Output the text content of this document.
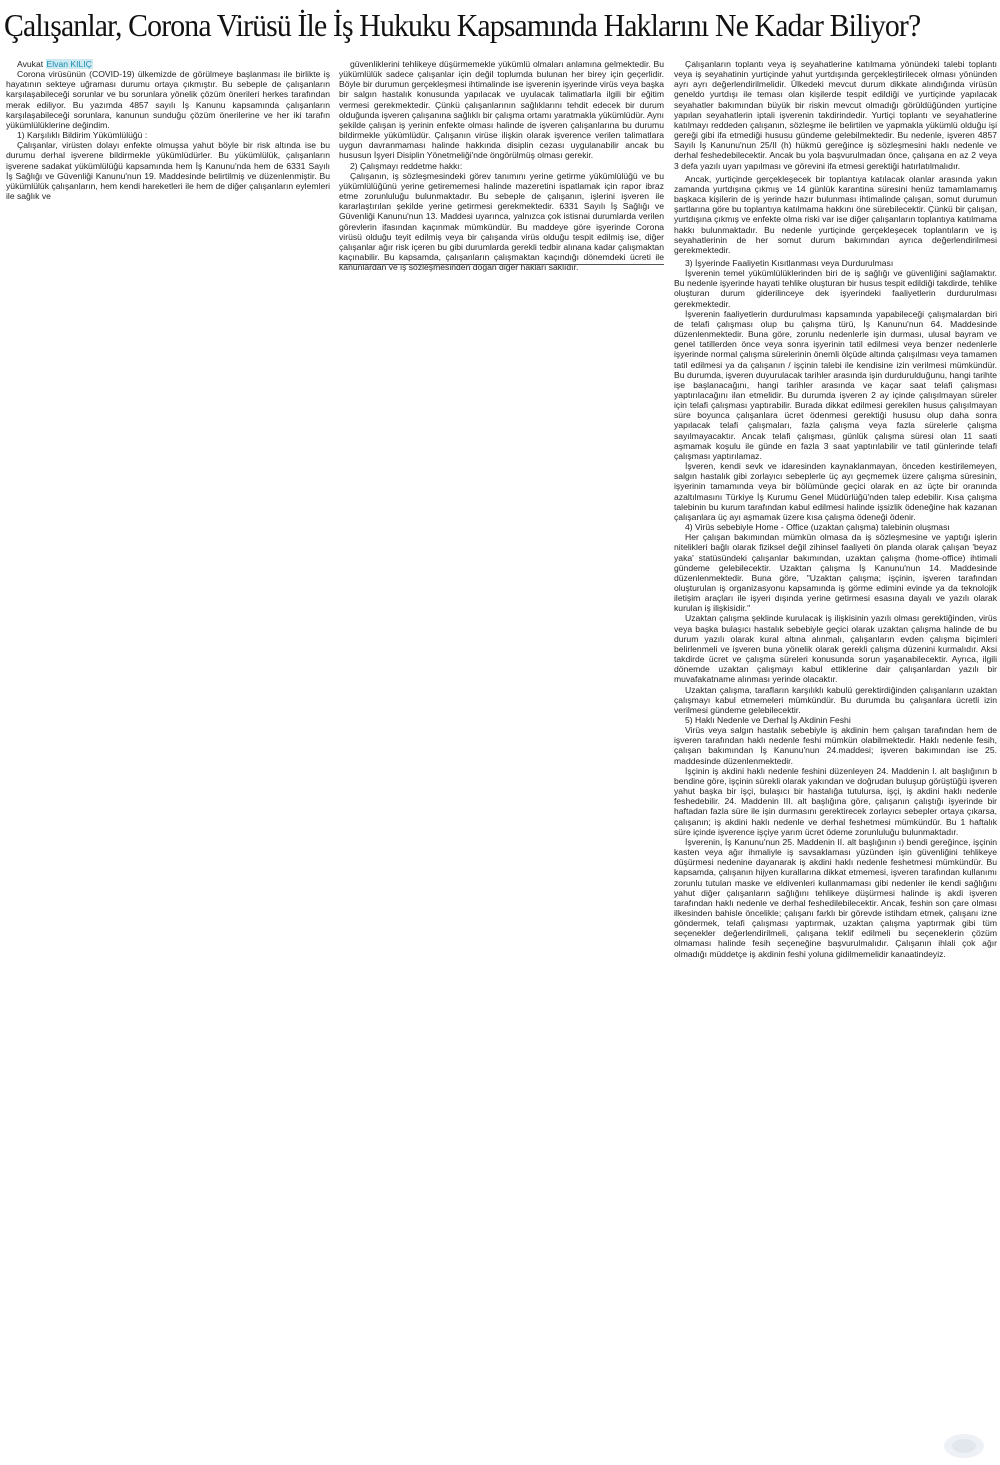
Çalışanlar, Corona Virüsü İle İş Hukuku Kapsamında Haklarını Ne Kadar Biliyor?

Avukat Elvan KILIÇ

Corona virüsünün (COVID-19) ülkemizde de görülmeye başlanması ile birlikte iş hayatının sekteye uğraması durumu ortaya çıkmıştır. Bu sebeple de çalışanların karşılaşabileceği sorunlar ve bu sorunlara yönelik çözüm önerileri herkes tarafından merak ediliyor. Bu yazımda 4857 sayılı İş Kanunu kapsamında çalışanların karşılaşabileceği sorunlara, kanunun sunduğu çözüm önerilerine ve her iki tarafın yükümlülüklerine değindim.

1) Karşılıklı Bildirim Yükümlülüğü :

Çalışanlar, virüsten dolayı enfekte olmuşsa yahut böyle bir risk altında ise bu durumu derhal işverene bildirmekle yükümlüdürler. Bu yükümlülük, çalışanların işverene sadakat yükümlülüğü kapsamında hem İş Kanunu'nda hem de 6331 Sayılı İş Sağlığı ve Güvenliği Kanunu'nun 19. Maddesinde belirtilmiş ve düzenlenmiştir. Bu yükümlülük çalışanların, hem kendi hareketleri ile hem de diğer çalışanların eylemleri ile sağlık ve

güvenliklerini tehlikeye düşürmemekle yükümlü olmaları anlamına gelmektedir. Bu yükümlülük sadece çalışanlar için değil toplumda bulunan her birey için geçerlidir. Böyle bir durumun gerçekleşmesi ihtimalinde ise işverenin işyerinde virüs veya başka bir salgın hastalık konusunda yapılacak ve uyulacak talimatlarla ilgili bir eğitim vermesi gerekmektedir. Çünkü çalışanlarının sağlıklarını tehdit edecek bir durum olduğunda işveren çalışanına sağlıklı bir çalışma ortamı yaratmakla yükümlüdür. Aynı şekilde çalışan iş yerinin enfekte olması halinde de işveren çalışanlarına bu durumu bildirmekle yükümlüdür. Çalışanın virüse ilişkin olarak işverence verilen talimatlara uygun davranmaması halinde hakkında disiplin cezası uygulanabilir ancak bu hususun İşyeri Disiplin Yönetmeliği'nde öngörülmüş olması gerekir.

2) Çalışmayı reddetme hakkı:

Çalışanın, iş sözleşmesindeki görev tanımını yerine getirme yükümlülüğü ve bu yükümlülüğünü yerine getirememesi halinde mazeretini ispatlamak için rapor ibraz etme zorunluluğu bulunmaktadır. Bu sebeple de çalışanın, işlerini işveren ile kararlaştırılan şekilde yerine getirmesi gerekmektedir. 6331 Sayılı İş Sağlığı ve Güvenliği Kanunu'nun 13. Maddesi uyarınca, yalnızca çok istisnai durumlarda verilen görevlerin ifasından kaçınmak mümkündür. Bu maddeye göre işyerinde Corona virüsü olduğu teyit edilmiş veya bir çalışanda virüs olduğu tespit edilmiş ise, diğer çalışanlar ağır risk içeren bu gibi durumlarda gerekli tedbir alınana kadar çalışmaktan kaçınabilir. Bu kapsamda, çalışanların çalışmaktan kaçındığı dönemdeki ücreti ile kanunlardan ve iş sözleşmesinden doğan diğer hakları saklıdır.

Çalışanların toplantı veya iş seyahatlerine katılmama yönündeki talebi toplantı veya iş seyahatinin yurtiçinde yahut yurtdışında gerçekleştirilecek olması yönünden ayrı ayrı değerlendirilmelidir. Ülkedeki mevcut durum dikkate alındığında virüsün geneldo yurtdışı ile teması olan kişilerde tespit edildiği ve yurtiçinde yapılacak seyahatler bakımından büyük bir riskin mevcut olmadığı görüldüğünden yurtiçine yapılan seyahatlerin iptali işverenin takdirindedir. Yurtiçi toplantı ve seyahatlerine katılmayı reddeden çalışanın, sözleşme ile belirtilen ve yapmakla yükümlü olduğu işi gereği gibi ifa etmediği hususu gündeme gelebilmektedir. Bu nedenle, işveren 4857 Sayılı İş Kanunu'nun 25/II (h) hükmü gereğince iş sözleşmesini haklı nedenle ve derhal feshedebilecektir. Ancak bu yola başvurulmadan önce, çalışana en az 2 veya 3 defa yazılı uyarı yapılması ve görevini ifa etmesi gerektiği hatırlatılmalıdır.

Ancak, yurtiçinde gerçekleşecek bir toplantıya katılacak olanlar arasında yakın zamanda yurtdışına çıkmış ve 14 günlük karantina süresini henüz tamamlamamış başkaca kişilerin de iş yerinde hazır bulunması ihtimalinde çalışan, somut durumun şartlarına göre bu toplantıya katılmama hakkını öne sürebilecektir. Çünkü bir çalışan, yurtdışına çıkmış ve enfekte olma riski var ise diğer çalışanların toplantıya katılmama hakkı bulunmaktadır. Bu nedenle yurtiçinde gerçekleşecek toplantıların ve iş seyahatlerinin de her somut durum bakımından ayrıca değerlendirilmesi gerekmektedir.

3) İşyerinde Faaliyetin Kısıtlanması veya Durdurulması

İşverenin temel yükümlülüklerinden biri de iş sağlığı ve güvenliğini sağlamaktır. Bu nedenle işyerinde hayati tehlike oluşturan bir husus tespit edildiği takdirde, tehlike oluşturan durum giderilinceye dek işyerindeki faaliyetlerin durdurulması gerekmektedir.

İşverenin faaliyetlerin durdurulması kapsamında yapabileceği çalışmalardan biri de telafi çalışması olup bu çalışma türü, İş Kanunu'nun 64. Maddesinde düzenlenmektedir. Buna göre, zorunlu nedenlerle işin durması, ulusal bayram ve genel tatillerden önce veya sonra işyerinin tatil edilmesi veya benzer nedenlerle işyerinde normal çalışma sürelerinin önemli ölçüde altında çalışılması veya tamamen tatil edilmesi ya da çalışanın / işçinin talebi ile kendisine izin verilmesi mümkündür. Bu durumda, işveren duyurulacak tarihler arasında işin durdurulduğunu, hangi tarihte işe başlanacağını, hangi tarihler arasında ve kaçar saat telafi çalışması yaptırılacağını ilan etmelidir. Bu durumda işveren 2 ay içinde çalışılmayan süreler için telafi çalışması yaptırabilir. Burada dikkat edilmesi gerekilen husus çalışılmayan süre boyunca çalışanlara ücret ödenmesi gerektiği hususu olup daha sonra yapılacak telafi çalışmaları, fazla çalışma veya fazla sürelerle çalışma sayılmayacaktır. Ancak telafi çalışması, günlük çalışma süresi olan 11 saati aşmamak koşulu ile günde en fazla 3 saat yaptırılabilir ve tatil günlerinde telafi çalışması yaptırılamaz.

İşveren, kendi sevk ve idaresinden kaynaklanmayan, önceden kestirilemeyen, salgın hastalık gibi zorlayıcı sebeplerle üç ayı geçmemek üzere çalışma süresinin, işyerinin tamamında veya bir bölümünde geçici olarak en az üçte bir oranında azaltılmasını Türkiye İş Kurumu Genel Müdürlüğü'nden talep edebilir. Kısa çalışma talebinin bu kurum tarafından kabul edilmesi halinde işsizlik ödeneğine hak kazanan çalışanlara üç ayı aşmamak üzere kısa çalışma ödeneği ödenir.

4) Virüs sebebiyle Home - Office (uzaktan çalışma) talebinin oluşması

Her çalışan bakımından mümkün olmasa da iş sözleşmesine ve yaptığı işlerin nitelikleri bağlı olarak fiziksel değil zihinsel faaliyeti ön planda olarak çalışan 'beyaz yaka' statüsündeki çalışanlar bakımından, uzaktan çalışma (home-office) ihtimali gündeme gelebilecektir. Uzaktan çalışma İş Kanunu'nun 14. Maddesinde düzenlenmektedir. Buna göre, "Uzaktan çalışma; işçinin, işveren tarafından oluşturulan iş organizasyonu kapsamında iş görme edimini evinde ya da teknolojik iletişim araçları ile işyeri dışında yerine getirmesi esasına dayalı ve yazılı olarak kurulan iş ilişkisidir."

Uzaktan çalışma şeklinde kurulacak iş ilişkisinin yazılı olması gerektiğinden, virüs veya başka bulaşıcı hastalık sebebiyle geçici olarak uzaktan çalışma halinde de bu durum yazılı olarak kural altına alınmalı, çalışanların evden çalışma biçimleri belirlenmeli ve işveren buna yönelik olarak gerekli çalışma düzenini kurmalıdır. Aksi takdirde ücret ve çalışma süreleri konusunda sorun yaşanabilecektir. Ayrıca, ilgili dönemde uzaktan çalışmayı kabul ettiklerine dair çalışanlardan yazılı bir muvafakatname alınması yerinde olacaktır.

Uzaktan çalışma, tarafların karşılıklı kabulü gerektirdiğinden çalışanların uzaktan çalışmayı kabul etmemeleri mümkündür. Bu durumda bu çalışanlara ücretli izin verilmesi gündeme gelebilecektir.

5) Haklı Nedenle ve Derhal İş Akdinin Feshi

Virüs veya salgın hastalık sebebiyle iş akdinin hem çalışan tarafından hem de işveren tarafından haklı nedenle feshi mümkün olabilmektedir. Haklı nedenle fesih, çalışan bakımından İş Kanunu'nun 24.maddesi; işveren bakımından ise 25. maddesinde düzenlenmektedir.

İşçinin iş akdini haklı nedenle feshini düzenleyen 24. Maddenin I. alt başlığının b bendine göre, işçinin sürekli olarak yakından ve doğrudan buluşup görüştüğü işveren yahut başka bir işçi, bulaşıcı bir hastalığa tutulursa, işçi, iş akdini haklı nedenle feshedebilir. 24. Maddenin III. alt başlığına göre, çalışanın çalıştığı işyerinde bir haftadan fazla süre ile işin durmasını gerektirecek zorlayıcı sebepler ortaya çıkarsa, çalışanın; iş akdini haklı nedenle ve derhal feshetmesi mümkündür. Bu 1 haftalık süre içinde işverence işçiye yarım ücret ödeme zorunluluğu bulunmaktadır.

İşverenin, İş Kanunu'nun 25. Maddenin II. alt başlığının ı) bendi gereğince, işçinin kasten veya ağır ihmaliyle iş savsaklaması yüzünden işin güvenliğini tehlikeye düşürmesi nedenine dayanarak iş akdini haklı nedenle feshetmesi mümkündür. Bu kapsamda, çalışanın hijyen kurallarına dikkat etmemesi, işveren tarafından kullanımı zorunlu tutulan maske ve eldivenleri kullanmaması gibi nedenler ile kendi sağlığını yahut diğer çalışanların sağlığını tehlikeye düşürmesi halinde iş akdi işveren tarafından haklı nedenle ve derhal feshedilebilecektir. Ancak, feshin son çare olması ilkesinden bahisle öncelikle; çalışanı farklı bir görevde istihdam etmek, çalışanı izne göndermek, telafi çalışması yaptırmak, uzaktan çalışma yaptırmak gibi tüm seçenekler değerlendirilmeli, çalışana teklif edilmeli bu seçeneklerin çözüm olmaması halinde fesih seçeneğine başvurulmalıdır. Çalışanın ihlali çok ağır olmadığı müddetçe iş akdinin feshi yoluna gidilmemelidir kanaatindeyiz.
